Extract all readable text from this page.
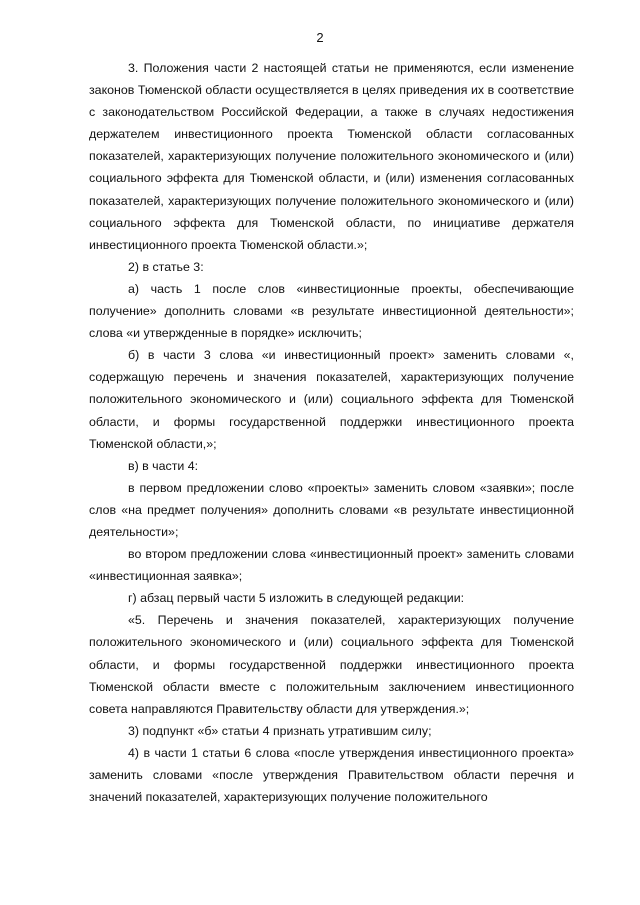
2

3. Положения части 2 настоящей статьи не применяются, если изменение законов Тюменской области осуществляется в целях приведения их в соответствие с законодательством Российской Федерации, а также в случаях недостижения держателем инвестиционного проекта Тюменской области согласованных показателей, характеризующих получение положительного экономического и (или) социального эффекта для Тюменской области, и (или) изменения согласованных показателей, характеризующих получение положительного экономического и (или) социального эффекта для Тюменской области, по инициативе держателя инвестиционного проекта Тюменской области.»;

2) в статье 3:

а) часть 1 после слов «инвестиционные проекты, обеспечивающие получение» дополнить словами «в результате инвестиционной деятельности»; слова «и утвержденные в порядке» исключить;

б) в части 3 слова «и инвестиционный проект» заменить словами «, содержащую перечень и значения показателей, характеризующих получение положительного экономического и (или) социального эффекта для Тюменской области, и формы государственной поддержки инвестиционного проекта Тюменской области,»;

в) в части 4:

в первом предложении слово «проекты» заменить словом «заявки»; после слов «на предмет получения» дополнить словами «в результате инвестиционной деятельности»;

во втором предложении слова «инвестиционный проект» заменить словами «инвестиционная заявка»;

г) абзац первый части 5 изложить в следующей редакции:

«5. Перечень и значения показателей, характеризующих получение положительного экономического и (или) социального эффекта для Тюменской области, и формы государственной поддержки инвестиционного проекта Тюменской области вместе с положительным заключением инвестиционного совета направляются Правительству области для утверждения.»;

3) подпункт «б» статьи 4 признать утратившим силу;

4) в части 1 статьи 6 слова «после утверждения инвестиционного проекта» заменить словами «после утверждения Правительством области перечня и значений показателей, характеризующих получение положительного
